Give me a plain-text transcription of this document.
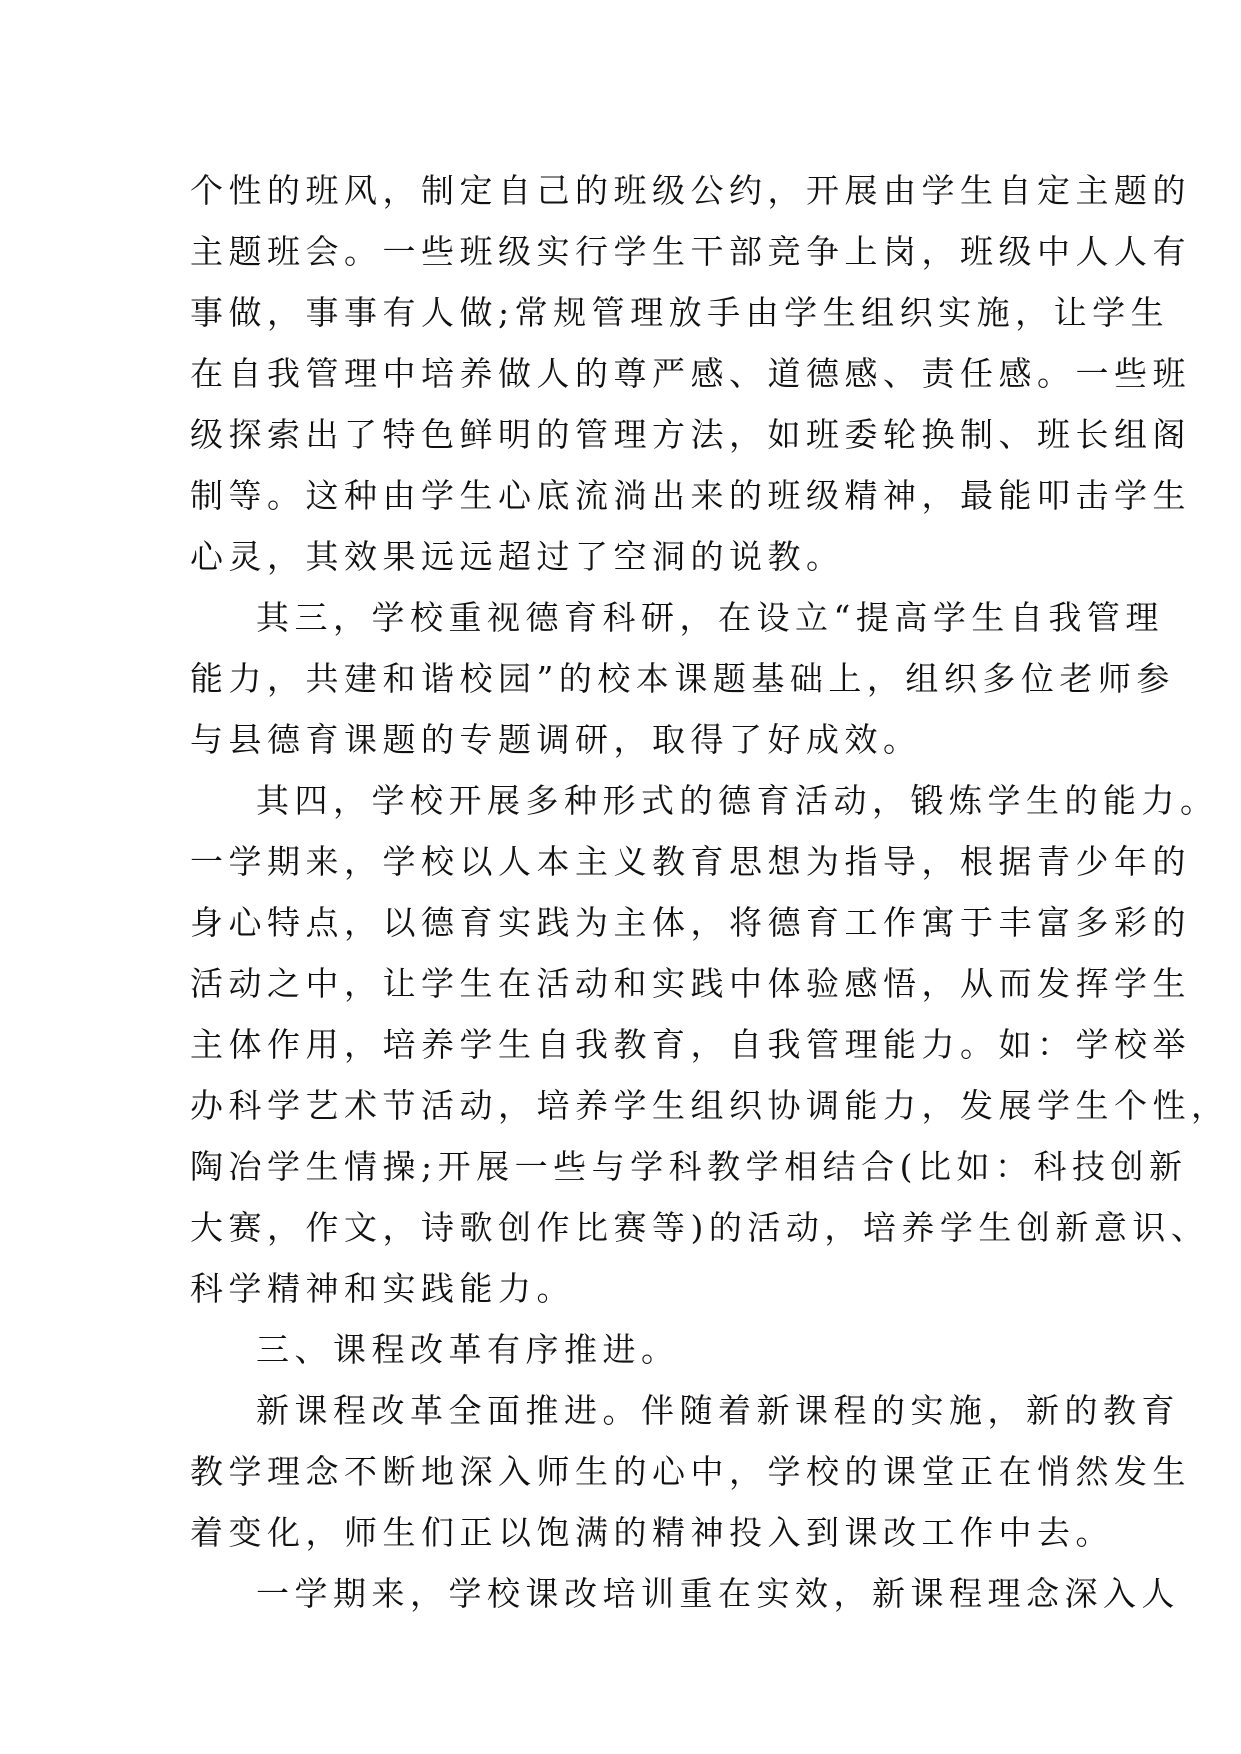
个性的班风，制定自己的班级公约，开展由学生自定主题的
主题班会。一些班级实行学生干部竞争上岗，班级中人人有
事做，事事有人做;常规管理放手由学生组织实施，让学生
在自我管理中培养做人的尊严感、道德感、责任感。一些班
级探索出了特色鲜明的管理方法，如班委轮换制、班长组阁
制等。这种由学生心底流淌出来的班级精神，最能叩击学生
心灵，其效果远远超过了空洞的说教。
其三，学校重视德育科研，在设立“提高学生自我管理
能力，共建和谐校园”的校本课题基础上，组织多位老师参
与县德育课题的专题调研，取得了好成效。
其四，学校开展多种形式的德育活动，锻炼学生的能力。
一学期来，学校以人本主义教育思想为指导，根据青少年的
身心特点，以德育实践为主体，将德育工作寓于丰富多彩的
活动之中，让学生在活动和实践中体验感悟，从而发挥学生
主体作用，培养学生自我教育，自我管理能力。如：学校举
办科学艺术节活动，培养学生组织协调能力，发展学生个性，
陶冶学生情操;开展一些与学科教学相结合(比如：科技创新
大赛，作文，诗歌创作比赛等)的活动，培养学生创新意识、
科学精神和实践能力。
三、课程改革有序推进。
新课程改革全面推进。伴随着新课程的实施，新的教育
教学理念不断地深入师生的心中，学校的课堂正在悄然发生
着变化，师生们正以饱满的精神投入到课改工作中去。
一学期来，学校课改培训重在实效，新课程理念深入人
